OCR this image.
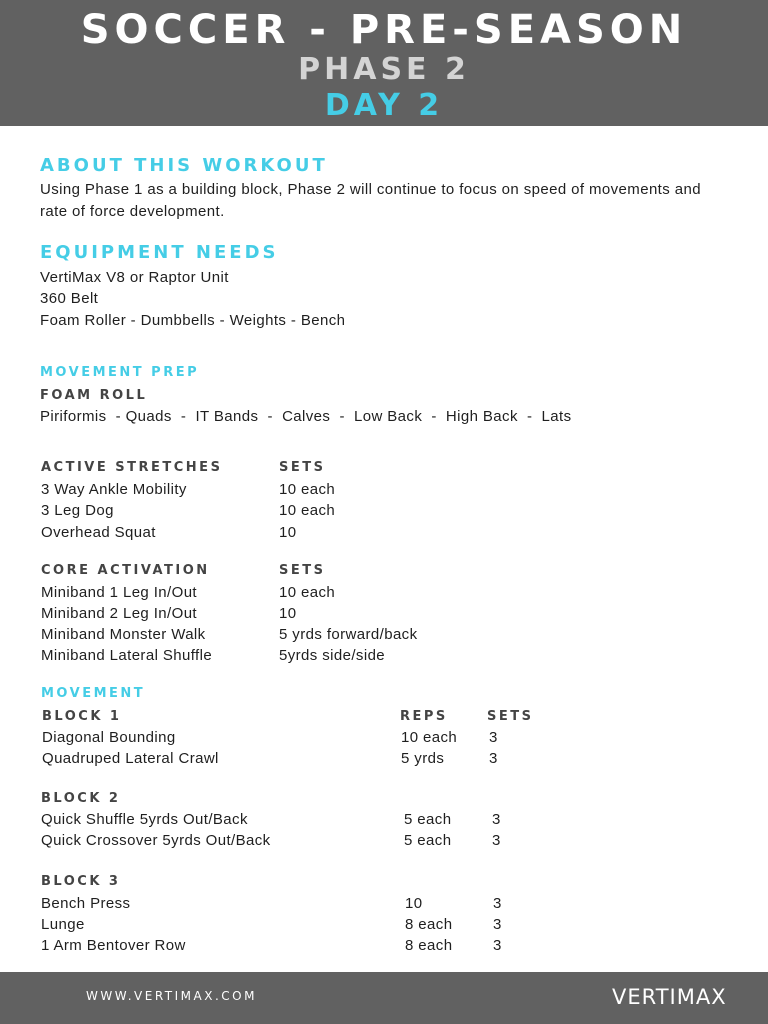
SOCCER - PRE-SEASON
PHASE 2
DAY 2
ABOUT THIS WORKOUT
Using Phase 1 as a building block, Phase 2 will continue to focus on speed of movements and
rate of force development.
EQUIPMENT NEEDS
VertiMax V8 or Raptor Unit
360 Belt
Foam Roller - Dumbbells - Weights - Bench
MOVEMENT PREP
FOAM ROLL
Piriformis  - Quads  -  IT Bands  -  Calves  -  Low Back  -  High Back  -  Lats
ACTIVE STRETCHES	SETS
3 Way Ankle Mobility	10 each
3 Leg Dog	10 each
Overhead Squat	10
CORE ACTIVATION	SETS
Miniband 1 Leg In/Out	10 each
Miniband 2 Leg In/Out	10
Miniband Monster Walk	5 yrds forward/back
Miniband Lateral Shuffle	5yrds side/side
MOVEMENT
BLOCK 1	REPS	SETS
Diagonal Bounding	10 each 3
Quadruped Lateral Crawl	5 yrds	3
BLOCK 2
Quick Shuffle 5yrds Out/Back	5 each	3
Quick Crossover 5yrds Out/Back	5 each	3
BLOCK 3
Bench Press	10	3
Lunge	8 each	3
1 Arm Bentover Row	8 each	3
WWW.VERTIMAX.COM	VERTIMAX
